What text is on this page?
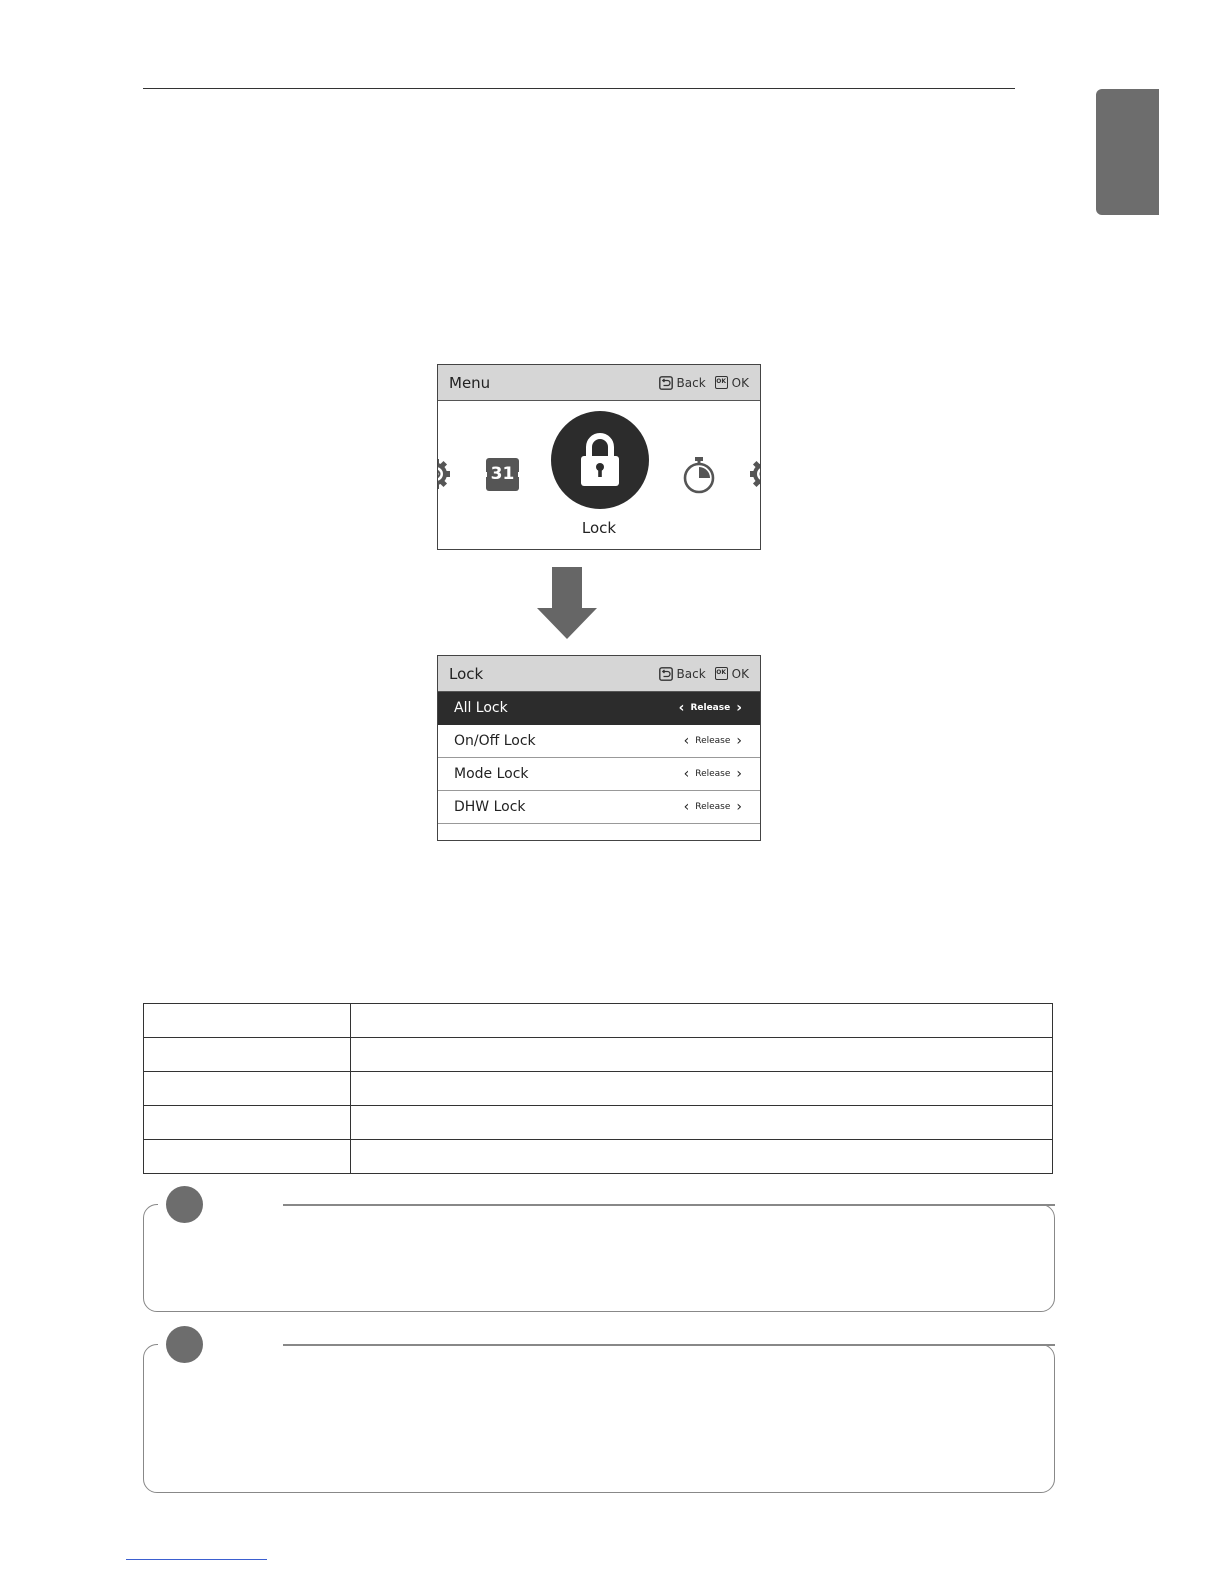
Menu	Back OK OK
31
Lock
Lock	Back OK OK
All Lock	‹ Release ›
On/Off Lock	‹ Release ›
Mode Lock	‹ Release ›
DHW Lock	‹ Release ›
